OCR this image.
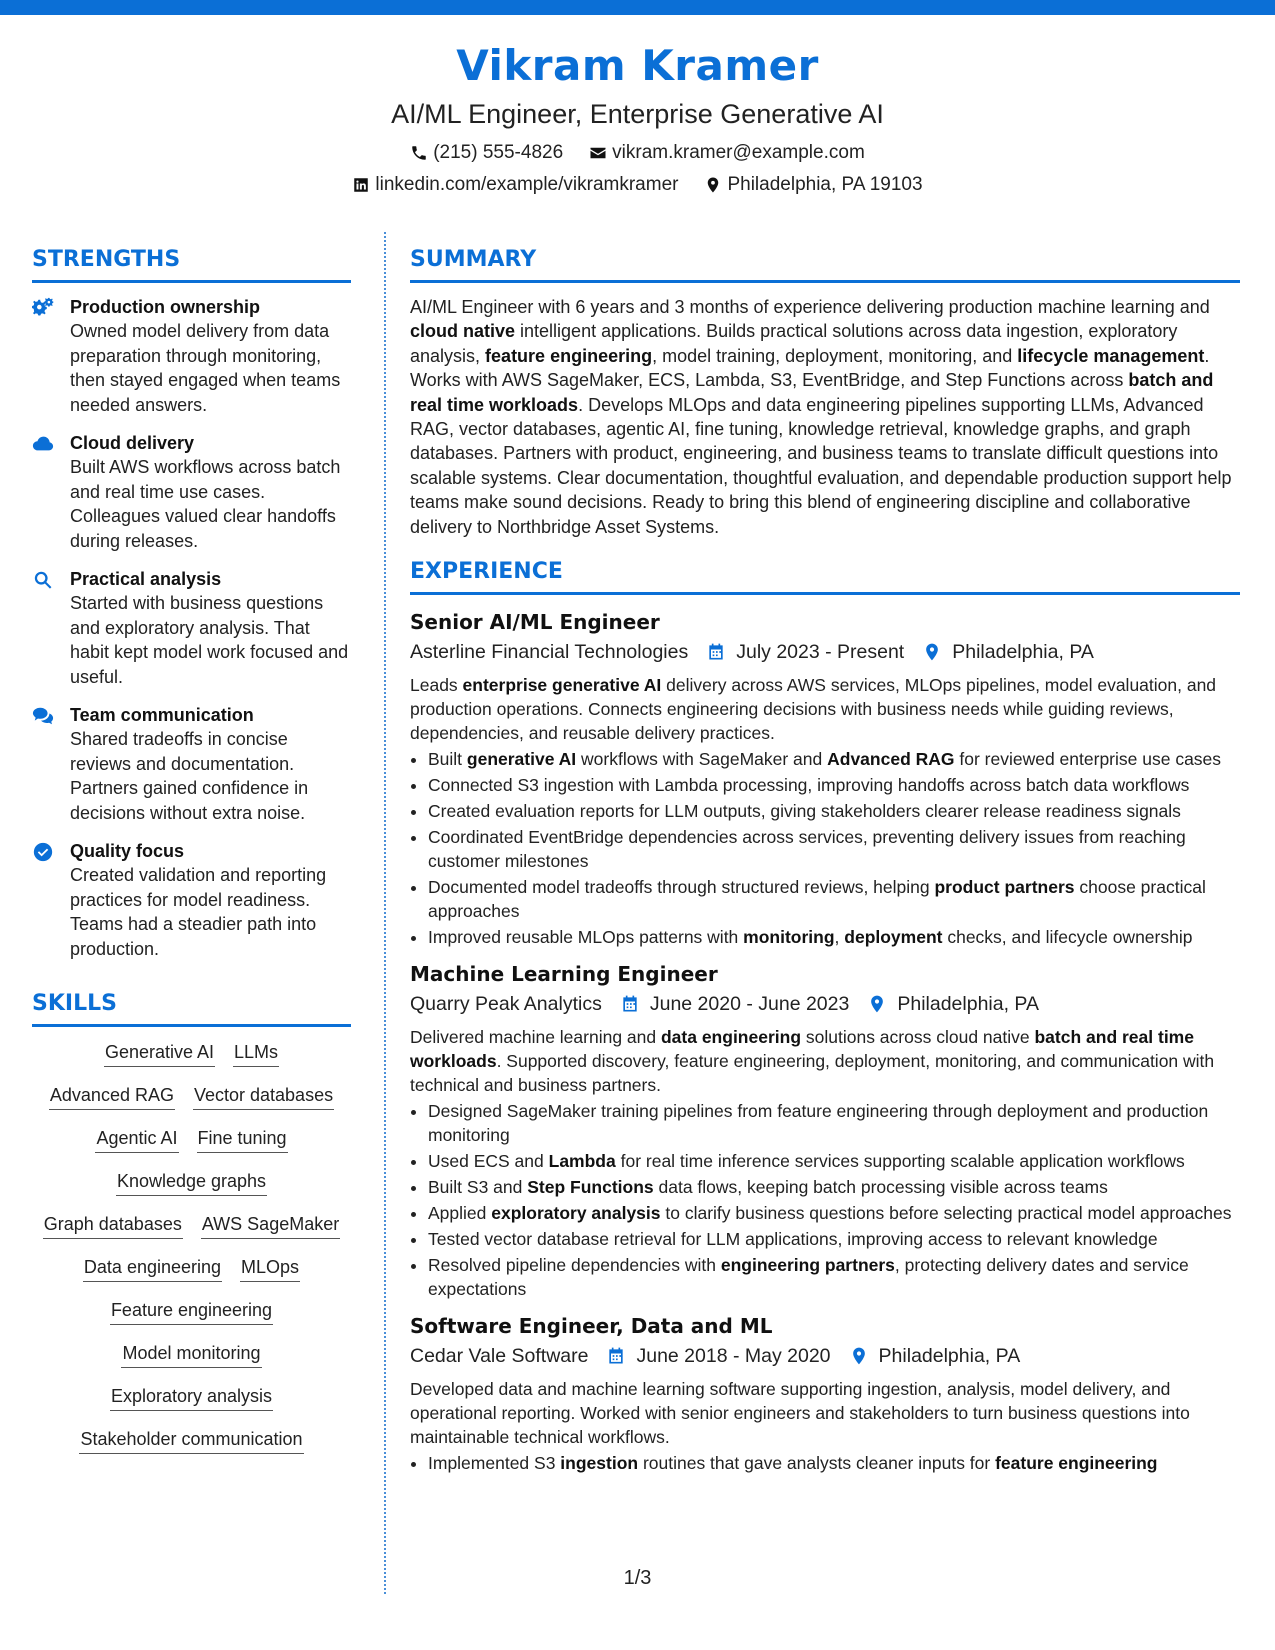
Vikram Kramer
AI/ML Engineer, Enterprise Generative AI
(215) 555-4826	vikram.kramer@example.com
linkedin.com/example/vikramkramer	Philadelphia, PA 19103
STRENGTHS
Production ownership
Owned model delivery from data preparation through monitoring, then stayed engaged when teams needed answers.
Cloud delivery
Built AWS workflows across batch and real time use cases. Colleagues valued clear handoffs during releases.
Practical analysis
Started with business questions and exploratory analysis. That habit kept model work focused and useful.
Team communication
Shared tradeoffs in concise reviews and documentation. Partners gained confidence in decisions without extra noise.
Quality focus
Created validation and reporting practices for model readiness. Teams had a steadier path into production.
SKILLS
Generative AI LLMs
Advanced RAG Vector databases
Agentic AI Fine tuning
Knowledge graphs
Graph databases AWS SageMaker
Data engineering MLOps
Feature engineering
Model monitoring
Exploratory analysis
Stakeholder communication
SUMMARY

AI/ML Engineer with 6 years and 3 months of experience delivering production machine learning and cloud native intelligent applications. Builds practical solutions across data ingestion, exploratory analysis, feature engineering, model training, deployment, monitoring, and lifecycle management. Works with AWS SageMaker, ECS, Lambda, S3, EventBridge, and Step Functions across batch and real time workloads. Develops MLOps and data engineering pipelines supporting LLMs, Advanced RAG, vector databases, agentic AI, fine tuning, knowledge retrieval, knowledge graphs, and graph databases. Partners with product, engineering, and business teams to translate difficult questions into scalable systems. Clear documentation, thoughtful evaluation, and dependable production support help teams make sound decisions. Ready to bring this blend of engineering discipline and collaborative delivery to Northbridge Asset Systems.

EXPERIENCE
Senior AI/ML Engineer
Asterline Financial Technologies July 2023 - Present Philadelphia, PA

Leads enterprise generative AI delivery across AWS services, MLOps pipelines, model evaluation, and production operations. Connects engineering decisions with business needs while guiding reviews, dependencies, and reusable delivery practices.

• Built generative AI workflows with SageMaker and Advanced RAG for reviewed enterprise use cases
• Connected S3 ingestion with Lambda processing, improving handoffs across batch data workflows
• Created evaluation reports for LLM outputs, giving stakeholders clearer release readiness signals
• Coordinated EventBridge dependencies across services, preventing delivery issues from reaching customer milestones
• Documented model tradeoffs through structured reviews, helping product partners choose practical approaches
• Improved reusable MLOps patterns with monitoring, deployment checks, and lifecycle ownership
Machine Learning Engineer
Quarry Peak Analytics June 2020 - June 2023 Philadelphia, PA

Delivered machine learning and data engineering solutions across cloud native batch and real time workloads. Supported discovery, feature engineering, deployment, monitoring, and communication with technical and business partners.

• Designed SageMaker training pipelines from feature engineering through deployment and production monitoring
• Used ECS and Lambda for real time inference services supporting scalable application workflows
• Built S3 and Step Functions data flows, keeping batch processing visible across teams
• Applied exploratory analysis to clarify business questions before selecting practical model approaches
• Tested vector database retrieval for LLM applications, improving access to relevant knowledge
• Resolved pipeline dependencies with engineering partners, protecting delivery dates and service expectations
Software Engineer, Data and ML
Cedar Vale Software June 2018 - May 2020 Philadelphia, PA

Developed data and machine learning software supporting ingestion, analysis, model delivery, and operational reporting. Worked with senior engineers and stakeholders to turn business questions into maintainable technical workflows.

• Implemented S3 ingestion routines that gave analysts cleaner inputs for feature engineering
1/3
